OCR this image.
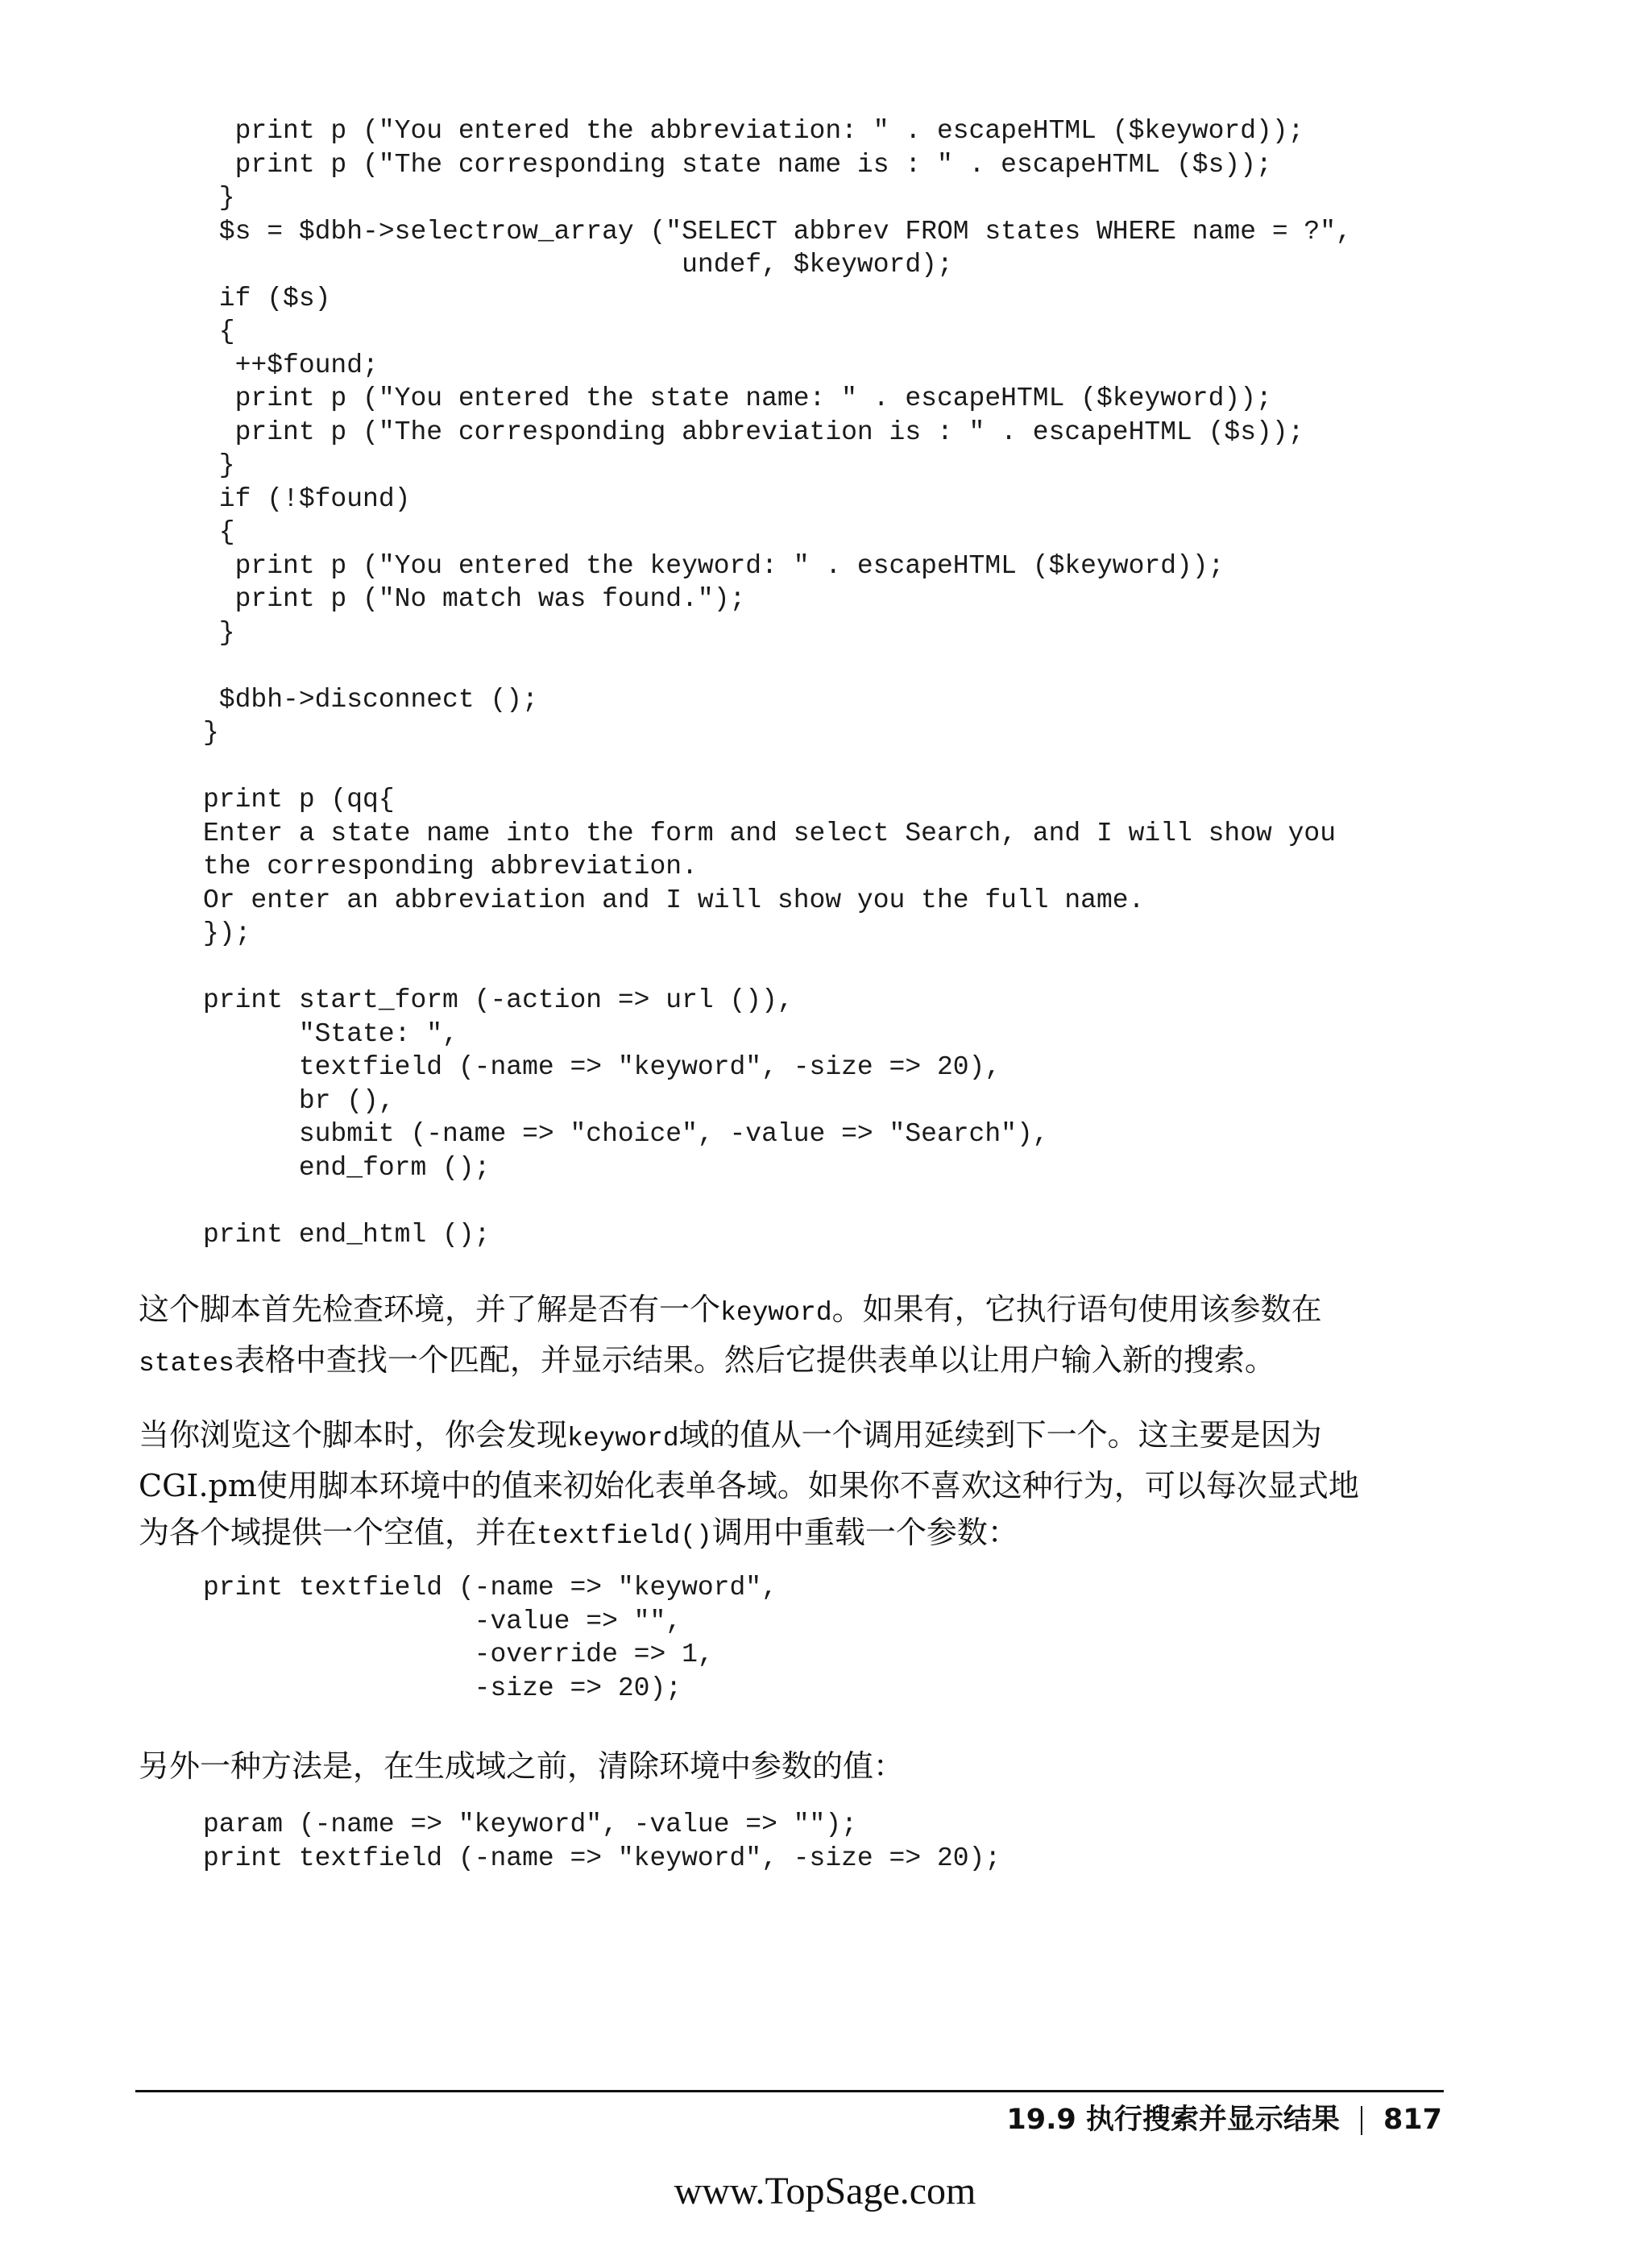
print p ("You entered the abbreviation: " . escapeHTML ($keyword));
print p ("The corresponding state name is : " . escapeHTML ($s));
}
$s = $dbh->selectrow_array ("SELECT abbrev FROM states WHERE name = ?",
undef, $keyword);
if ($s)
{
++$found;
print p ("You entered the state name: " . escapeHTML ($keyword));
print p ("The corresponding abbreviation is : " . escapeHTML ($s));
}
if (!$found)
{
print p ("You entered the keyword: " . escapeHTML ($keyword));
print p ("No match was found.");
}

$dbh->disconnect ();
}

print p (qq{
Enter a state name into the form and select Search, and I will show you
the corresponding abbreviation.
Or enter an abbreviation and I will show you the full name.
});

print start_form (-action => url ()),
"State: ",
textfield (-name => "keyword", -size => 20),
br (),
submit (-name => "choice", -value => "Search"),
end_form ();

print end_html ();

这个脚本首先检查环境，并了解是否有一个keyword。如果有，它执行语句使用该参数在
states表格中查找一个匹配，并显示结果。然后它提供表单以让用户输入新的搜索。

当你浏览这个脚本时，你会发现keyword域的值从一个调用延续到下一个。这主要是因为
CGI.pm使用脚本环境中的值来初始化表单各域。如果你不喜欢这种行为，可以每次显式地
为各个域提供一个空值，并在textfield()调用中重载一个参数：

print textfield (-name => "keyword",
-value => "",
-override => 1,
-size => 20);

另外一种方法是，在生成域之前，清除环境中参数的值：

param (-name => "keyword", -value => "");
print textfield (-name => "keyword", -size => 20);

19.9 执行搜索并显示结果 817
www.TopSage.com
